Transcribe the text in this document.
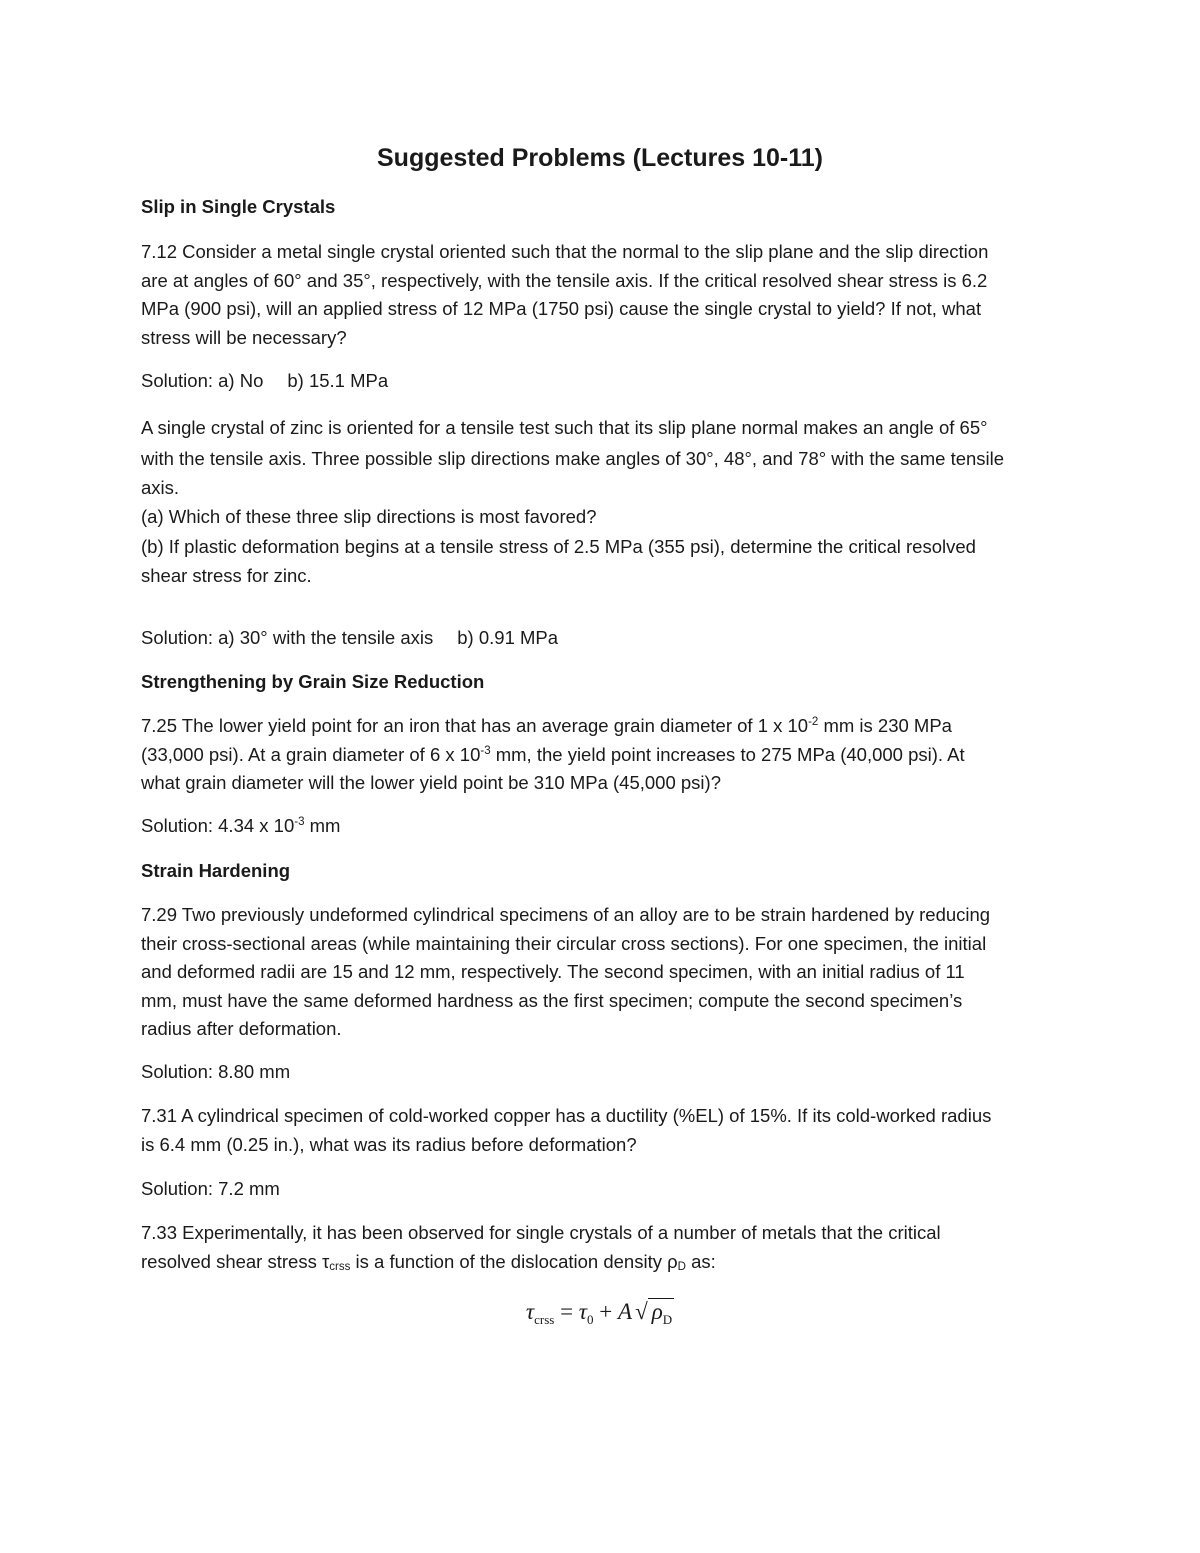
Suggested Problems (Lectures 10-11)
Slip in Single Crystals
7.12 Consider a metal single crystal oriented such that the normal to the slip plane and the slip direction
are at angles of 60° and 35°, respectively, with the tensile axis. If the critical resolved shear stress is 6.2
MPa (900 psi), will an applied stress of 12 MPa (1750 psi) cause the single crystal to yield? If not, what
stress will be necessary?
Solution: a) No b) 15.1 MPa
A single crystal of zinc is oriented for a tensile test such that its slip plane normal makes an angle of 65°
with the tensile axis. Three possible slip directions make angles of 30°, 48°, and 78° with the same tensile
axis.
(a) Which of these three slip directions is most favored?
(b) If plastic deformation begins at a tensile stress of 2.5 MPa (355 psi), determine the critical resolved
shear stress for zinc.
Solution: a) 30° with the tensile axis b) 0.91 MPa
Strengthening by Grain Size Reduction
7.25 The lower yield point for an iron that has an average grain diameter of 1 x $10^{-2}$ mm is 230 MPa
(33,000 psi). At a grain diameter of 6 x $10^{-3}$ mm, the yield point increases to 275 MPa (40,000 psi). At
what grain diameter will the lower yield point be 310 MPa (45,000 psi)?
Solution: 4.34 x $10^{-3}$ mm
Strain Hardening
7.29 Two previously undeformed cylindrical specimens of an alloy are to be strain hardened by reducing
their cross-sectional areas (while maintaining their circular cross sections). For one specimen, the initial
and deformed radii are 15 and 12 mm, respectively. The second specimen, with an initial radius of 11
mm, must have the same deformed hardness as the first specimen; compute the second specimen’s
radius after deformation.
Solution: 8.80 mm
7.31 A cylindrical specimen of cold-worked copper has a ductility (%EL) of 15%. If its cold-worked radius
is 6.4 mm (0.25 in.), what was its radius before deformation?
Solution: 7.2 mm
7.33 Experimentally, it has been observed for single crystals of a number of metals that the critical
resolved shear stress τcrss is a function of the dislocation density ρD as:
$\tau_{crss} = \tau_0 + A$ √ $\rho_D$
